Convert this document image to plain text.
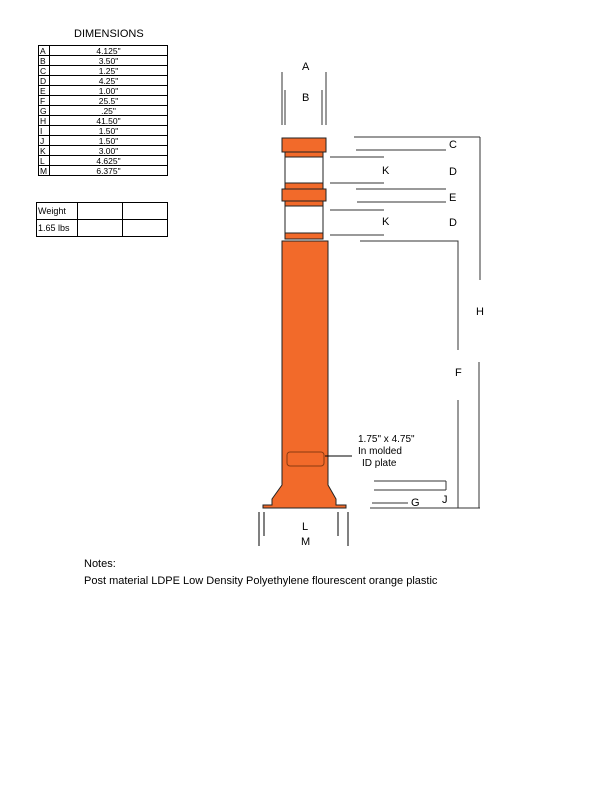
DIMENSIONS
A	4.125"
B	3.50"
C	1.25"
D	4.25"
E	1.00"
F	25.5"
G	.25"
H	41.50"
I	1.50"
J	1.50"
K	3.00"
L	4.625"
M	6.375"
Weight		
1.65 lbs		
A
B
1.75" x 4.75"
In molded
ID plate
C
D
E
D
K
K
H
F
G J
L
M
Notes:
Post material LDPE Low Density Polyethylene flourescent orange plastic
